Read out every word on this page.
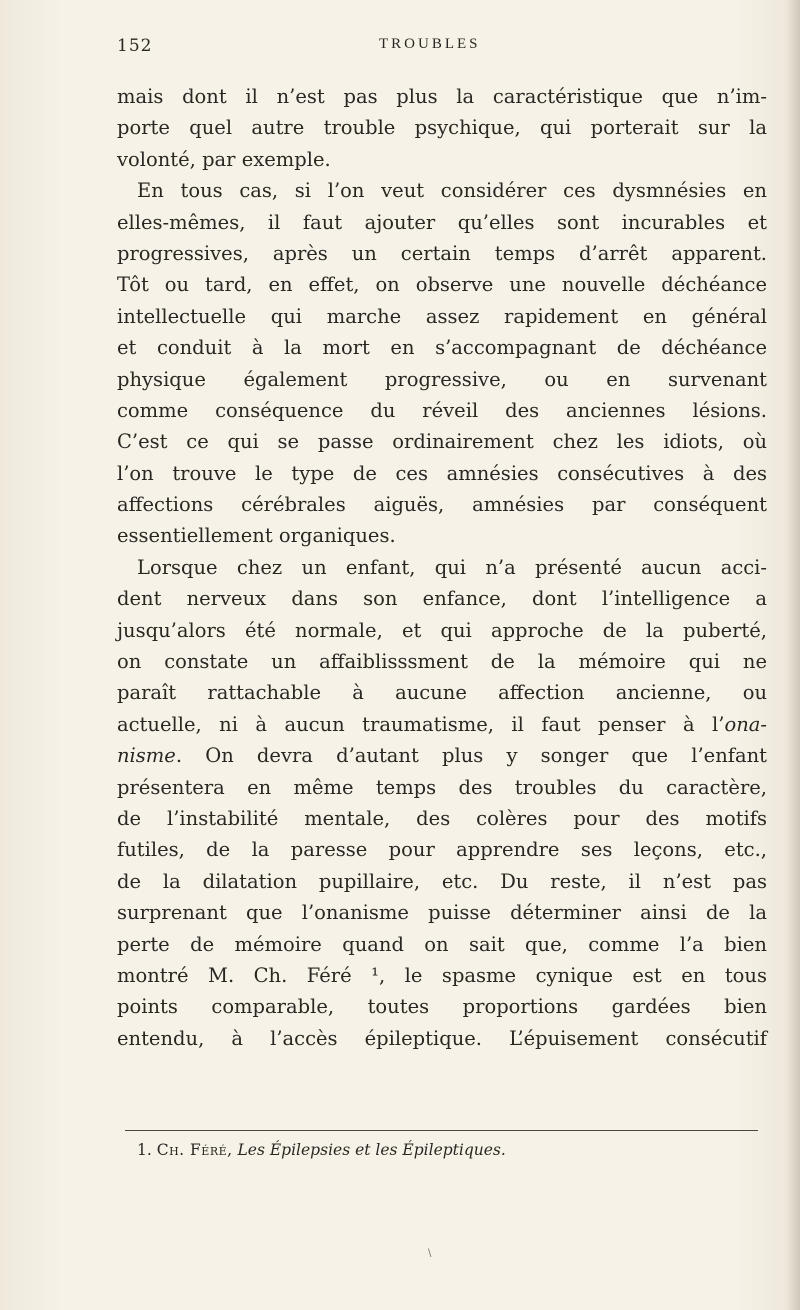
152	TROUBLES
mais dont il n’est pas plus la caractéristique que n’im-
porte quel autre trouble psychique, qui porterait sur la
volonté, par exemple.
En tous cas, si l’on veut considérer ces dysmnésies en
elles-mêmes, il faut ajouter qu’elles sont incurables et
progressives, après un certain temps d’arrêt apparent.
Tôt ou tard, en effet, on observe une nouvelle déchéance
intellectuelle qui marche assez rapidement en général
et conduit à la mort en s’accompagnant de déchéance
physique également progressive, ou en survenant
comme conséquence du réveil des anciennes lésions.
C’est ce qui se passe ordinairement chez les idiots, où
l’on trouve le type de ces amnésies consécutives à des
affections cérébrales aiguës, amnésies par conséquent
essentiellement organiques.
Lorsque chez un enfant, qui n’a présenté aucun acci-
dent nerveux dans son enfance, dont l’intelligence a
jusqu’alors été normale, et qui approche de la puberté,
on constate un affaiblisssment de la mémoire qui ne
paraît rattachable à aucune affection ancienne, ou
actuelle, ni à aucun traumatisme, il faut penser à l’ona-
nisme. On devra d’autant plus y songer que l’enfant
présentera en même temps des troubles du caractère,
de l’instabilité mentale, des colères pour des motifs
futiles, de la paresse pour apprendre ses leçons, etc.,
de la dilatation pupillaire, etc. Du reste, il n’est pas
surprenant que l’onanisme puisse déterminer ainsi de la
perte de mémoire quand on sait que, comme l’a bien
montré M. Ch. Féré ¹, le spasme cynique est en tous
points comparable, toutes proportions gardées bien
entendu, à l’accès épileptique. L’épuisement consécutif
1. Ch. Féré, Les Épilepsies et les Épileptiques.
\
